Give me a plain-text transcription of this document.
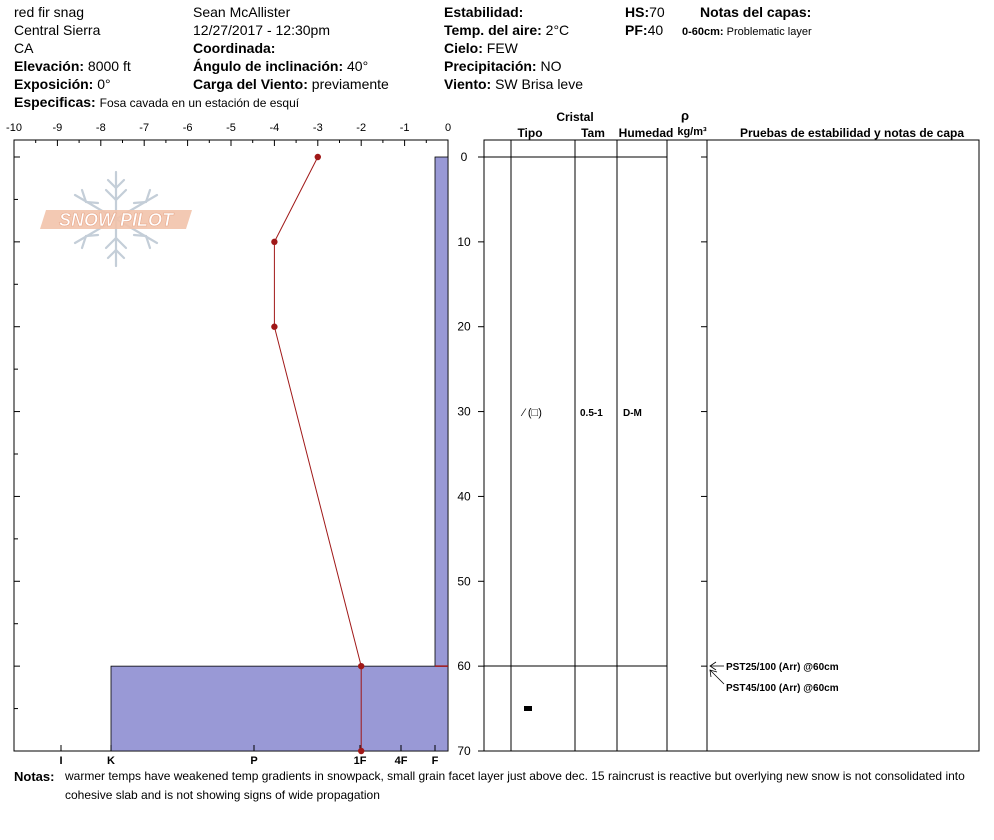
red fir snag
Central Sierra
CA
Elevación: 8000 ft
Exposición: 0°
Especificas: Fosa cavada en un estación de esquí
Sean McAllister
12/27/2017 - 12:30pm
Coordinada:
Ángulo de inclinación: 40°
Carga del Viento: previamente
Estabilidad:
Temp. del aire: 2°C
Cielo: FEW
Precipitación: NO
Viento: SW Brisa leve
HS:70
PF:40
Notas del capas:
0-60cm: Problematic layer
SNOW PILOT
Cristal
Tipo	Tam Humedad
ρ
kg/m³	Pruebas de estabilidad y notas de capa
⁄ (□)	0.5-1 D-M
PST25/100 (Arr) @60cm
PST45/100 (Arr) @60cm
-10	-9	-8	-7	-6	-5	-4	-3	-2	-1	0
0
10
20
30
40
50
60
70
I	K	P	1F	4F F
Notas: warmer temps have weakened temp gradients in snowpack, small grain facet layer just above dec. 15 raincrust is reactive but overlying new snow is not consolidated into cohesive slab and is not showing signs of wide propagation
